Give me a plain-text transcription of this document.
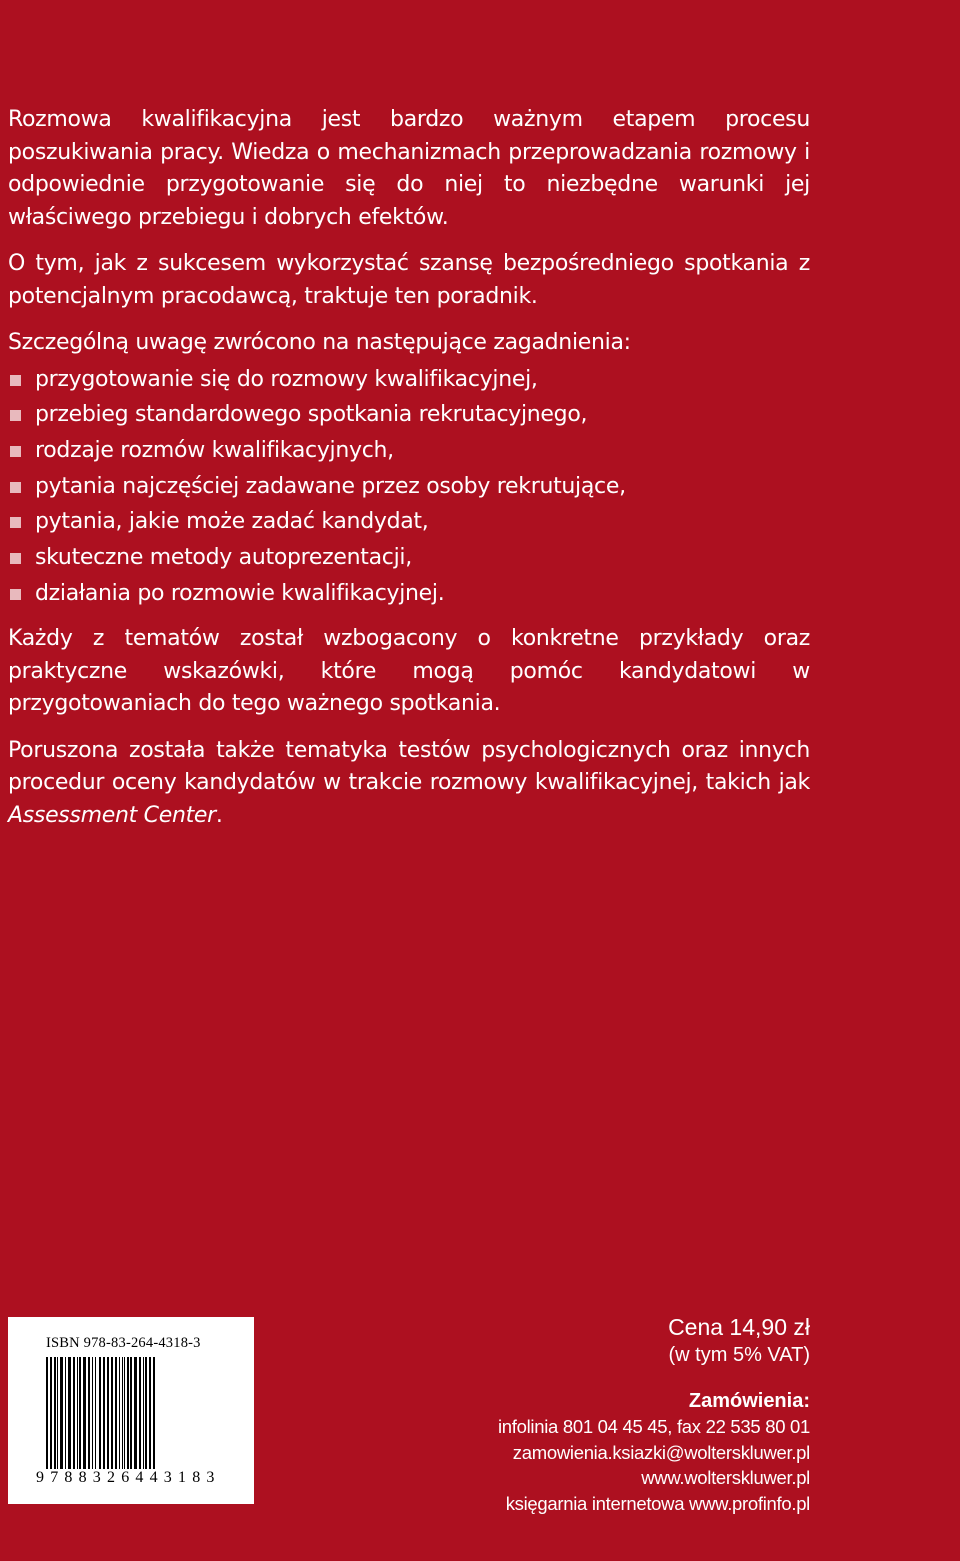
Rozmowa kwalifikacyjna jest bardzo ważnym etapem procesu poszukiwania pracy. Wiedza o mechanizmach przeprowadzania rozmowy i odpowiednie przygotowanie się do niej to niezbędne warunki jej właściwego przebiegu i dobrych efektów.

O tym, jak z sukcesem wykorzystać szansę bezpośredniego spotkania z potencjalnym pracodawcą, traktuje ten poradnik.

Szczególną uwagę zwrócono na następujące zagadnienia:

przygotowanie się do rozmowy kwalifikacyjnej,
przebieg standardowego spotkania rekrutacyjnego,
rodzaje rozmów kwalifikacyjnych,
pytania najczęściej zadawane przez osoby rekrutujące,
pytania, jakie może zadać kandydat,
skuteczne metody autoprezentacji,
działania po rozmowie kwalifikacyjnej.

Każdy z tematów został wzbogacony o konkretne przykłady oraz praktyczne wskazówki, które mogą pomóc kandydatowi w przygotowaniach do tego ważnego spotkania.

Poruszona została także tematyka testów psychologicznych oraz innych procedur oceny kandydatów w trakcie rozmowy kwalifikacyjnej, takich jak Assessment Center.

ISBN 978-83-264-4318-3
9788326443183
Cena 14,90 zł
(w tym 5% VAT)
Zamówienia:
infolinia 801 04 45 45, fax 22 535 80 01
zamowienia.ksiazki@wolterskluwer.pl
www.wolterskluwer.pl
księgarnia internetowa www.profinfo.pl
